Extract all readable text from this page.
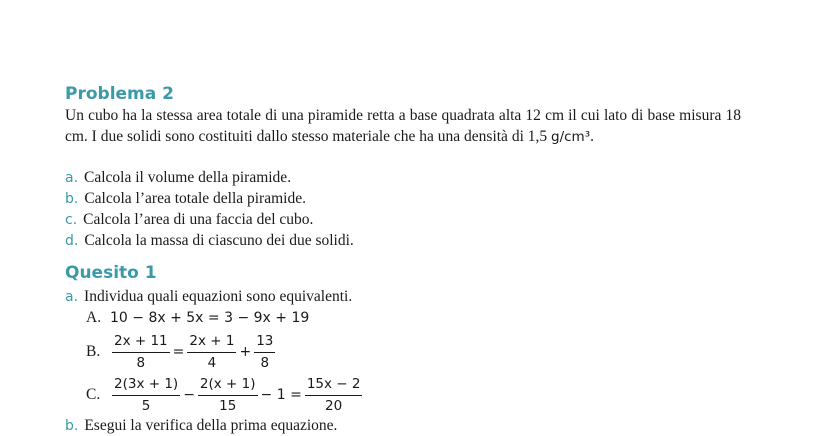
Problema 2
Un cubo ha la stessa area totale di una piramide retta a base quadrata alta 12 cm il cui lato di base misura 18 cm. I due solidi sono costituiti dallo stesso materiale che ha una densità di 1,5 g/cm³.
a. Calcola il volume della piramide.
b. Calcola l’area totale della piramide.
c. Calcola l’area di una faccia del cubo.
d. Calcola la massa di ciascuno dei due solidi.
Quesito 1
a. Individua quali equazioni sono equivalenti.
A. 10 − 8x + 5x = 3 − 9x + 19
B. $\frac{2x + 11}{8} = \frac{2x + 1}{4} + \frac{13}{8}$
C. $\frac{2(3x + 1)}{5} - \frac{2(x + 1)}{15} - 1 = \frac{15x - 2}{20}$
b. Esegui la verifica della prima equazione.
